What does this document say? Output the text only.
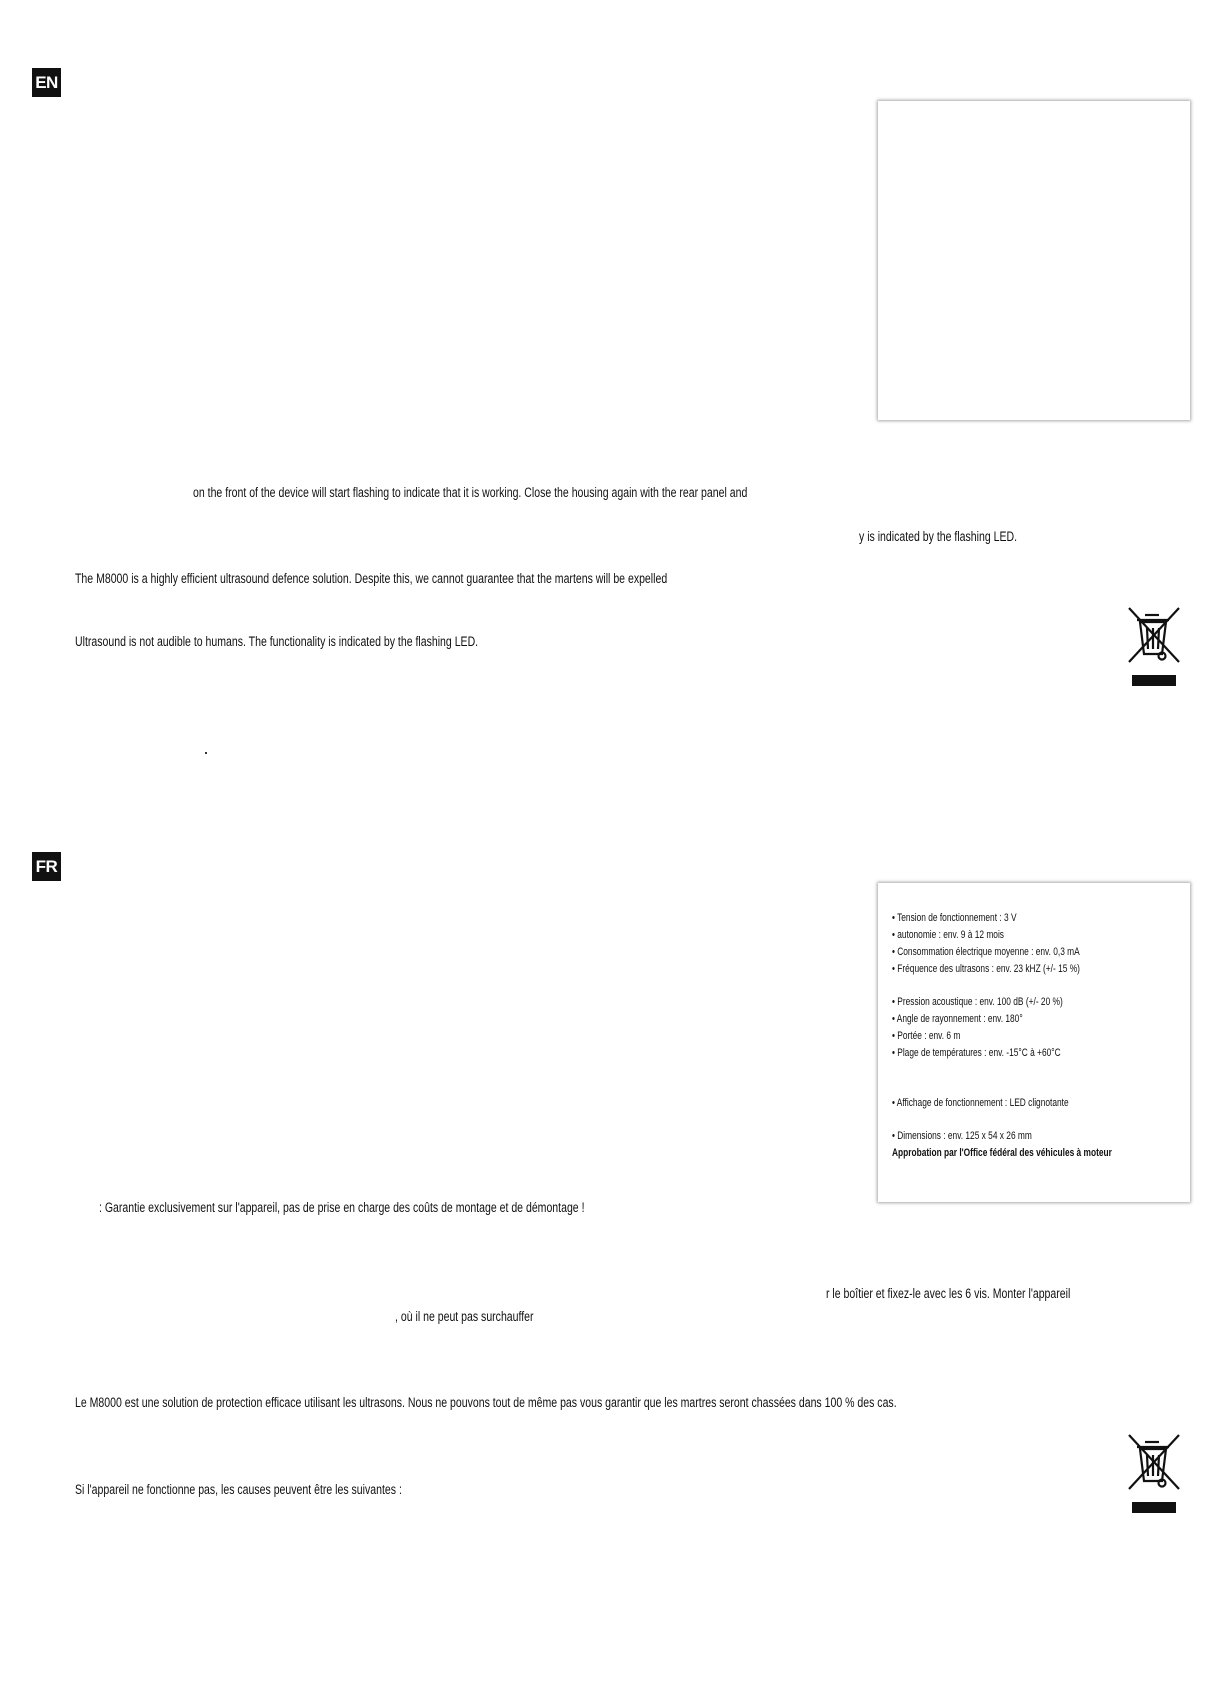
EN
on the front of the device will start flashing to indicate that it is working. Close the housing again with the rear panel and
y is indicated by the flashing LED.
The M8000 is a highly efficient ultrasound defence solution. Despite this, we cannot guarantee that the martens will be expelled
Ultrasound is not audible to humans. The functionality is indicated by the flashing LED.
FR
• Tension de fonctionnement : 3 V
• autonomie : env. 9 à 12 mois
• Consommation électrique moyenne : env. 0,3 mA
• Fréquence des ultrasons : env. 23 kHZ (+/- 15 %)
• Pression acoustique : env. 100 dB (+/- 20 %)
• Angle de rayonnement : env. 180°
• Portée : env. 6 m
• Plage de températures : env. -15°C à +60°C
• Affichage de fonctionnement : LED clignotante
• Dimensions : env. 125 x 54 x 26 mm
Approbation par l'Office fédéral des véhicules à moteur
: Garantie exclusivement sur l'appareil, pas de prise en charge des coûts de montage et de démontage !
r le boîtier et fixez-le avec les 6 vis. Monter l'appareil
, où il ne peut pas surchauffer
Le M8000 est une solution de protection efficace utilisant les ultrasons. Nous ne pouvons tout de même pas vous garantir que les martres seront chassées dans 100 % des cas.
Si l'appareil ne fonctionne pas, les causes peuvent être les suivantes :
